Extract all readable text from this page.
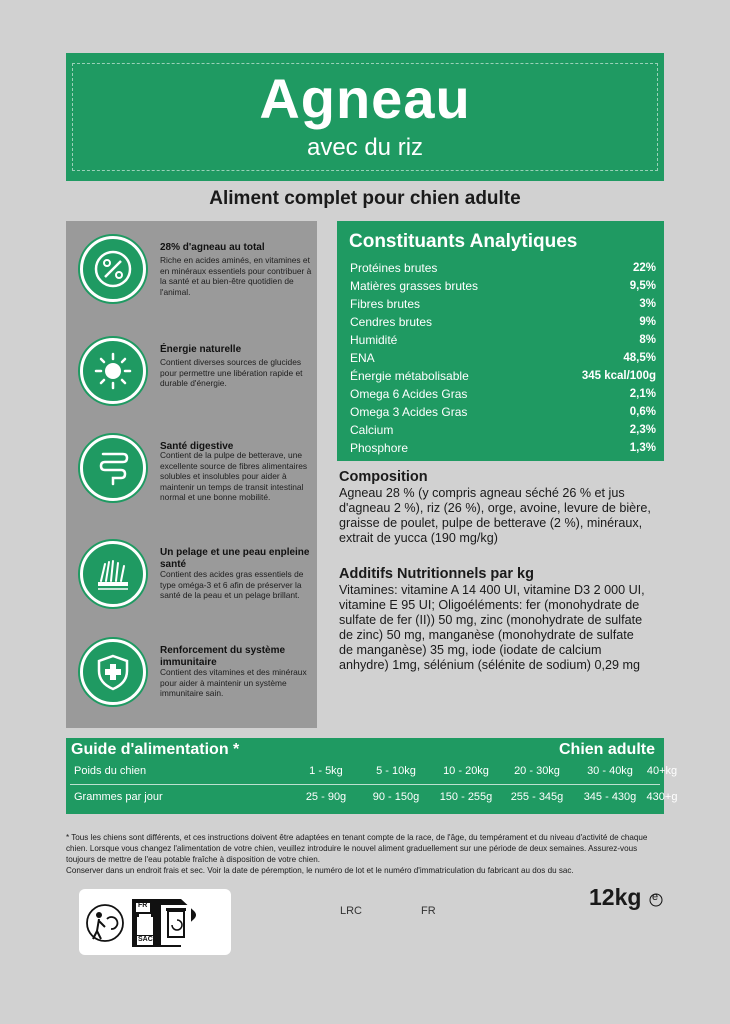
Agneau
avec du riz
Aliment complet pour chien adulte
28% d'agneau au total
Riche en acides aminés, en vitamines et en minéraux essentiels pour contribuer à la santé et au bien-être quotidien de l'animal.
Énergie naturelle
Contient diverses sources de glucides pour permettre une libération rapide et durable d'énergie.
Santé digestive
Contient de la pulpe de betterave, une excellente source de fibres alimentaires solubles et insolubles pour aider à maintenir un temps de transit intestinal normal et une bonne mobilité.
Un pelage et une peau enpleine santé
Contient des acides gras essentiels de type oméga-3 et 6 afin de préserver la santé de la peau et un pelage brillant.
Renforcement du système immunitaire
Contient des vitamines et des minéraux pour aider à maintenir un système immunitaire sain.
Constituants Analytiques
Protéines brutes	22%
Matières grasses brutes	9,5%
Fibres brutes	3%
Cendres brutes	9%
Humidité	8%
ENA	48,5%
Énergie métabolisable	345 kcal/100g
Omega 6 Acides Gras	2,1%
Omega 3 Acides Gras	0,6%
Calcium	2,3%
Phosphore	1,3%
Composition
Agneau 28 % (y compris agneau séché 26 % et jus d'agneau 2 %), riz (26 %), orge, avoine, levure de bière, graisse de poulet, pulpe de betterave (2 %), minéraux, extrait de yucca (190 mg/kg)
Additifs Nutritionnels par kg
Vitamines: vitamine A 14 400 UI, vitamine D3 2 000 UI, vitamine E 95 UI; Oligoéléments: fer (monohydrate de sulfate de fer (II)) 50 mg, zinc (monohydrate de sulfate de zinc) 50 mg, manganèse (monohydrate de sulfate de manganèse) 35 mg, iode (iodate de calcium anhydre) 1mg, sélénium (sélénite de sodium) 0,29 mg
Guide d'alimentation *	Chien adulte
Poids du chien	1 - 5kg	5 - 10kg	10 - 20kg	20 - 30kg	30 - 40kg	40+kg
Grammes par jour	25 - 90g	90 - 150g	150 - 255g	255 - 345g	345 - 430g 430+g
* Tous les chiens sont différents, et ces instructions doivent être adaptées en tenant compte de la race, de l'âge, du tempérament et du niveau d'activité de chaque chien. Lorsque vous changez l'alimentation de votre chien, veuillez introduire le nouvel aliment graduellement sur une période de deux semaines. Assurez-vous toujours de mettre de l'eau potable fraîche à disposition de votre chien.
Conserver dans un endroit frais et sec. Voir la date de péremption, le numéro de lot et le numéro d'immatriculation du fabricant au dos du sac.
FR
SAC
LRC	FR
12kg e
